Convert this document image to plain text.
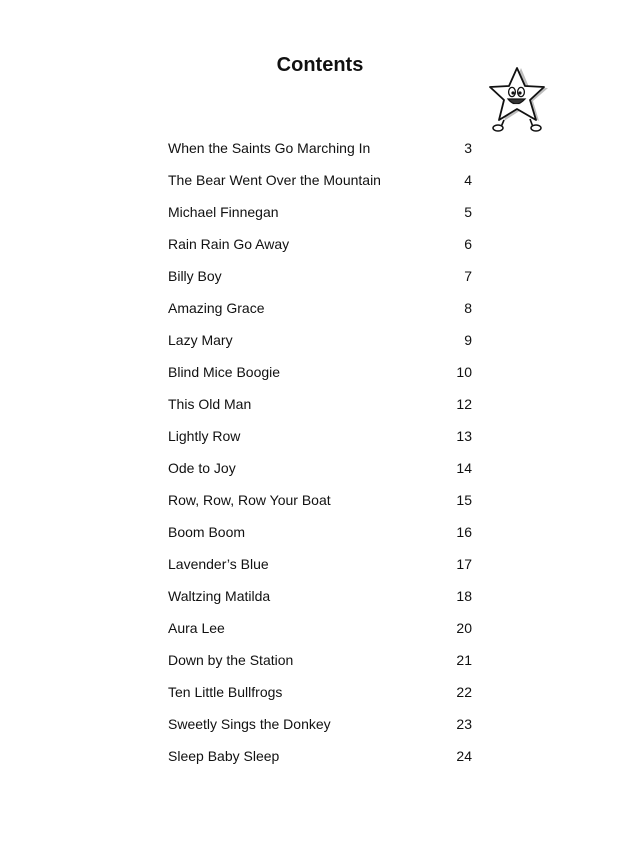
Contents
When the Saints Go Marching In	3
The Bear Went Over the Mountain	4
Michael Finnegan	5
Rain Rain Go Away	6
Billy Boy	7
Amazing Grace	8
Lazy Mary	9
Blind Mice Boogie	10
This Old Man	12
Lightly Row	13
Ode to Joy	14
Row, Row, Row Your Boat	15
Boom Boom	16
Lavender’s Blue	17
Waltzing Matilda	18
Aura Lee	20
Down by the Station	21
Ten Little Bullfrogs	22
Sweetly Sings the Donkey	23
Sleep Baby Sleep	24
